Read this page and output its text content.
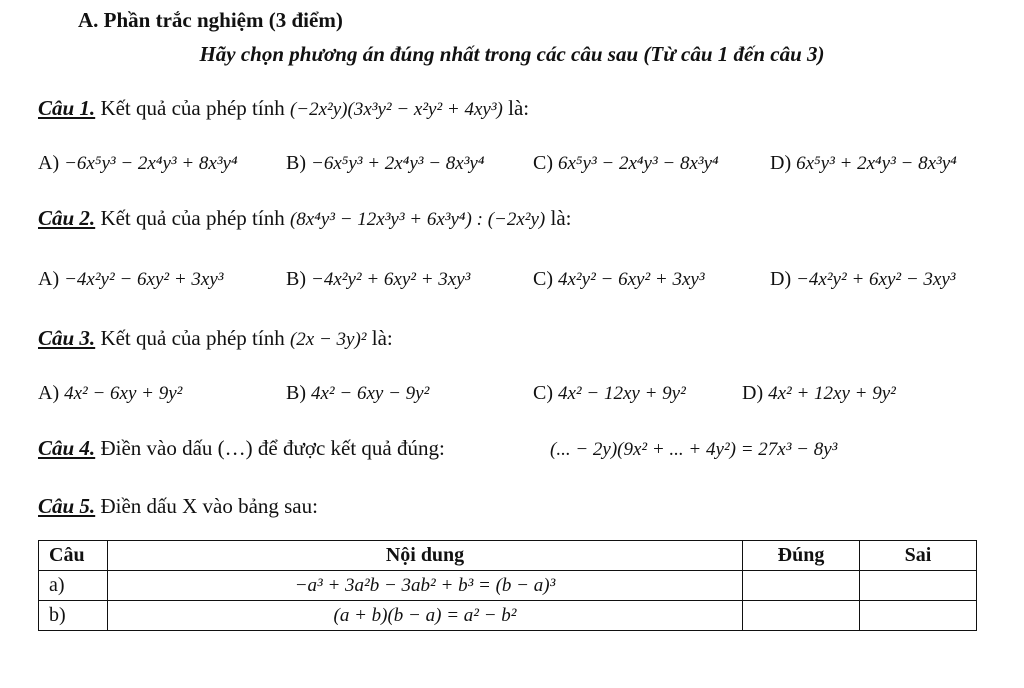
A. Phần trắc nghiệm (3 điểm)
Hãy chọn phương án đúng nhất trong các câu sau (Từ câu 1 đến câu 3)
Câu 1. Kết quả của phép tính (−2x²y)(3x³y² − x²y² + 4xy³) là:
A) −6x⁵y³ − 2x⁴y³ + 8x³y⁴ B) −6x⁵y³ + 2x⁴y³ − 8x³y⁴ C) 6x⁵y³ − 2x⁴y³ − 8x³y⁴	D) 6x⁵y³ + 2x⁴y³ − 8x³y⁴
Câu 2. Kết quả của phép tính (8x⁴y³ − 12x³y³ + 6x³y⁴) : (−2x²y) là:
A) −4x²y² − 6xy² + 3xy³	B) −4x²y² + 6xy² + 3xy³	C) 4x²y² − 6xy² + 3xy³	D) −4x²y² + 6xy² − 3xy³
Câu 3. Kết quả của phép tính (2x − 3y)² là:
A) 4x² − 6xy + 9y²	B) 4x² − 6xy − 9y²	C) 4x² − 12xy + 9y²	D) 4x² + 12xy + 9y²
Câu 4. Điền vào dấu (…) để được kết quả đúng:	(... − 2y)(9x² + ... + 4y²) = 27x³ − 8y³
Câu 5. Điền dấu X vào bảng sau:
Câu	Nội dung	Đúng	Sai
a)	−a³ + 3a²b − 3ab² + b³ = (b − a)³		
b)	(a + b)(b − a) = a² − b²		
